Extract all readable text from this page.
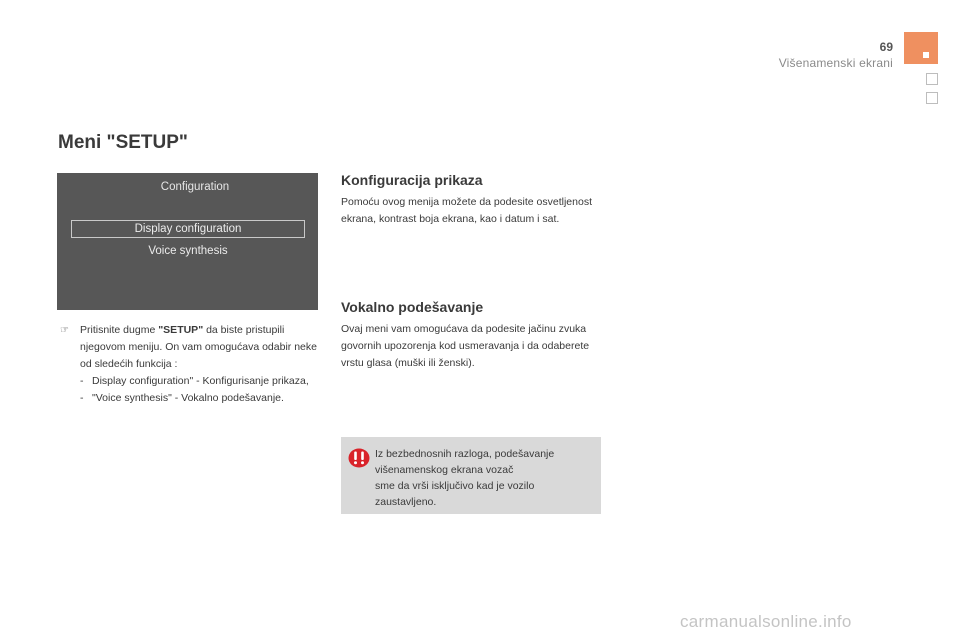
69
Višenamenski ekrani
Meni "SETUP"
Configuration
Display configuration
Voice synthesis
☞ Pritisnite dugme "SETUP" da biste pristupili njegovom meniju. On vam omogućava odabir neke od sledećih funkcija :
- Display configuration" - Konfigurisanje prikaza,
- "Voice synthesis" - Vokalno podešavanje.
Konfiguracija prikaza
Pomoću ovog menija možete da podesite osvetljenost ekrana, kontrast boja ekrana, kao i datum i sat.
Vokalno podešavanje
Ovaj meni vam omogućava da podesite jačinu zvuka govornih upozorenja kod usmeravanja i da odaberete vrstu glasa (muški ili ženski).
Iz bezbednosnih razloga, podešavanje
višenamenskog ekrana vozač
sme da vrši isključivo kad je vozilo
zaustavljeno.
carmanualsonline.info
